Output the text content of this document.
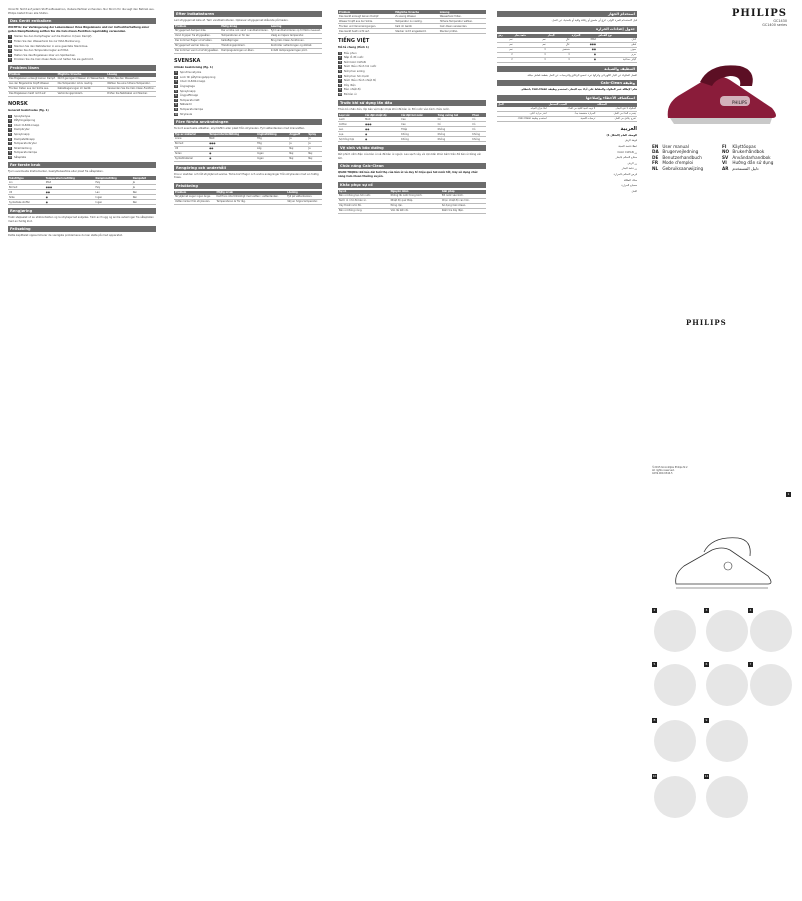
Vorsicht: Nicht auf jedem Stoff aufbewahren, lösbare Partikel vorhanden. Nur Strom für die Legt den Betrieb aus. Philips bietet Ihnen alle Stufen.

Das Gerät entkalken

WICHTIG: Zur Verlängerung der Lebensdauer Ihres Bügeleisens und zur Aufrechterhaltung einer guten Dampfleistung sollten Sie die Calc-Clean-Funktion regelmäßig verwenden.

1	Stellen Sie den Dampfregler auf die Position 0 (kein Dampf).
2	Füllen Sie den Wassertank bis zur MAX-Markierung.
3	Stecken Sie den Netzstecker in eine geerdete Steckdose.
4	Stellen Sie den Temperaturregler auf MAX.
5	Halten Sie das Bügeleisen über ein Spülbecken.
6	Drücken Sie die Calc-Clean-Taste und halten Sie sie gedrückt.
Problem lösen
Problem	Mögliche Ursache	Lösung
Das Bügeleisen erzeugt keinen Dampf.	Nicht genügend Wasser im Wassertank.	Füllen Sie den Wassertank.
Aus der Bügelsohle tropft Wasser.	Die Temperatur ist zu niedrig.	Wählen Sie eine höhere Temperatur.
Flocken treten aus der Sohle aus.	Kalkablagerungen im Gerät.	Verwenden Sie die Calc-Clean-Funktion.
Das Bügeleisen heizt nicht auf.	Verbindungsproblem.	Prüfen Sie Netzkabel und Stecker.
NORSK

Generell beskrivelse (fig. 1)

1	Sprøytedyse
2	Påfyllingsåpning
3	CALC CLEAN-knapp
4	Dampbryter
5	Sprayknapp
6	Dampstøtknapp
7	Temperaturbryter
8	Strømledning
9	Temperaturlampe
10 Såleplate
Før første bruk

Fjern eventuelle klistremerker, beskyttelsesfolie eller plast fra såleplaten.

Tekstiltype	Temperaturinnstilling	Dampinnstilling	Dampstøt
Lin	MAX	Høy	Ja
Bomull	●●●	Høy	Ja
Ull	●●	Lav	Nei
Silke	●	Ingen	Nei
Syntetiske stoffer	●	Ingen	Nei
Rengjøring

Trekk støpselet ut av stikkontakten og la strykejernet avkjøles. Tørk av fnugg og andre avleiringer fra såleplaten med en fuktig klut.

Feilsøking

Dette kapittelet oppsummerer de vanligste problemene du kan støte på med apparatet.

Efter indkøbsturen

Lad strygejernet køle af. Tøm vandbeholderen. Opbevar strygejernet stående på hælen.

Problem	Mulig årsag	Løsning
Strygejernet damper ikke.	Der er ikke nok vand i vandbeholderen.	Fyld vandbeholderen op til MAX-niveauet.
Vand drypper fra strygesålen.	Temperaturen er for lav.	Vælg en højere temperatur.
Der kommer flager ud af sålen.	Kalkaflejringer.	Brug Calc-Clean-funktionen.
Strygejernet varmer ikke op.	Tilslutningsproblem.	Kontrollér netledningen og stikket.
Der kommer vand ud af strygesålen.	Dampreguleringen er åben.	Indstil dampreguleringen på 0.
SVENSKA

Allmän beskrivning (fig. 1)

1	Sprutmunstycke
2	Lock till påfyllningsöppning
3	CALC CLEAN-knapp
4	Ångreglage
5	Sprayknapp
6	Ångpuffknapp
7	Temperaturratt
8	Nätsladd
9	Temperaturlampa
10 Stryksula
Före första användningen

Ta bort eventuella etiketter, skyddsfilm eller plast från stryksulan. Fyll vattentanken med kranvatten.

Typ av material	Temperaturinställning	Ånginställning	Ångpuff	Spray
Linne	MAX	Hög	Ja	Ja
Bomull	●●●	Hög	Ja	Ja
Ull	●●	Låg	Nej	Ja
Siden	●	Ingen	Nej	Nej
Syntetmaterial	●	Ingen	Nej	Nej
Rengöring och underhåll

Dra ur sladden och låt strykjärnet svalna. Torka bort flagor och andra avlagringar från stryksulan med en fuktig trasa.

Felsökning
Problem	Möjlig orsak	Lösning
Strykjärnet avger ingen ånga.	Det finns inte tillräckligt med vatten i vattentanken.	Fyll på vattentanken.
Vatten läcker från stryksulan.	Temperaturen är för låg.	Välj en högre temperatur.
Problem	Mögliche Ursache	Lösung
Das Gerät erzeugt keinen Dampf.	Zu wenig Wasser.	Wassertank füllen.
Wasser tropft aus der Sohle.	Temperatur zu niedrig.	Höhere Temperatur wählen.
Flocken und Verunreinigungen.	Kalk im Gerät.	Calc-Clean verwenden.
Das Gerät heizt nicht auf.	Stecker nicht eingesteckt.	Stecker prüfen.
TIẾNG VIỆT

Mô tả chung (Hình 1)

1	Đầu phun
2	Nắp lỗ đổ nước
3	Nút CALC CLEAN
4	Núm điều chỉnh hơi nước
5	Nút phun sương
6	Nút phun hơi mạnh
7	Núm điều chỉnh nhiệt độ
8	Dây điện
9	Đèn nhiệt độ
10 Đế bàn ủi
Trước khi sử dụng lần đầu

Tháo bỏ nhãn dán, lớp bảo vệ hoặc nhựa khỏi đế bàn ủi. Đổ nước vào bình chứa nước.

Loại vải	Cài đặt nhiệt độ	Cài đặt hơi nước	Tăng cường hơi	Phun
Lanh	MAX	Cao	Có	Có
Cotton	●●●	Cao	Có	Có
Len	●●	Thấp	Không	Có
Lụa	●	Không	Không	Không
Sợi tổng hợp	●	Không	Không	Không
Vệ sinh và bảo dưỡng

Rút phích cắm điện của bàn ủi và để bàn ủi nguội. Lau sạch vảy và cặn bẩn khác bám trên đế bàn ủi bằng vải ẩm.

Chức năng Calc-Clean

QUAN TRỌNG: Để kéo dài tuổi thọ của bàn ủi và duy trì hiệu quả hơi nước tốt, hãy sử dụng chức năng Calc-Clean thường xuyên.

Khắc phục sự cố
Sự cố	Nguyên nhân	Giải pháp
Bàn ủi không tạo hơi nước.	Không đủ nước trong bình.	Đổ nước vào bình.
Nước rò rỉ từ đế bàn ủi.	Nhiệt độ quá thấp.	Chọn nhiệt độ cao hơn.
Vảy thoát ra từ đế.	Đóng cặn.	Sử dụng Calc-Clean.
Bàn ủi không nóng.	Vấn đề kết nối.	Kiểm tra dây điện.
استخدام الجهاز

قبل الاستخدام للمرة الأولى، انزع أي ملصق أو رقاقة واقية أو بلاستيك عن النعل.

جدول إعدادات الحرارة
نوع القماش	الحرارة	البخار	دفعة بخار	رش
كتان	MAX	عالٍ	نعم	نعم
قطن	●●●	عالٍ	نعم	نعم
صوف	●●	منخفض	لا	نعم
حرير	●	لا	لا	لا
ألياف صناعية	●	لا	لا	لا
التنظيف والصيانة

افصل المكواة عن التيار الكهربائي واتركها تبرد. امسح الرقائق والترسبات عن النعل بقطعة قماش مبللة.

وظيفة Calc-Clean

هام: لإطالة عمر المكواة والحفاظ على أداء جيد للبخار، استخدم وظيفة Calc-Clean بانتظام.

استكشاف الأخطاء وإصلاحها
المشكلة	السبب المحتمل	الحل
المكواة لا تنتج البخار.	لا توجد كمية كافية من الماء.	املأ خزان المياه.
يتسرب الماء من النعل.	الحرارة منخفضة جداً.	اختر حرارة أعلى.
تخرج رقائق من النعل.	ترسبات كلسية.	استخدم وظيفة Calc-Clean.
العربية

الوصف العام (الشكل 1)

فوهة الرش

غطاء فتحة التعبئة

زر CALC CLEAN

مفتاح التحكم بالبخار

زر الرش

زر دفعة البخار

قرص التحكم بالحرارة

سلك الطاقة

مصباح الحرارة

النعل

PHILIPS
GC1430
GC1400 series
PHILIPS
EN User manual	FI Käyttöopas
DA Brugervejledning	NO Brukerhåndbok
DE Benutzerhandbuch	SV Användarhandbok
FR Mode d'emploi	VI Hướng dẫn sử dụng
NL Gebruiksaanwijzing	AR دليل المستخدم
PHILIPS
©2015 Koninklijke Philips N.V.
All rights reserved.
4239.000.9344.5
1
2	3	4
5	6	7
8	9
10	11
